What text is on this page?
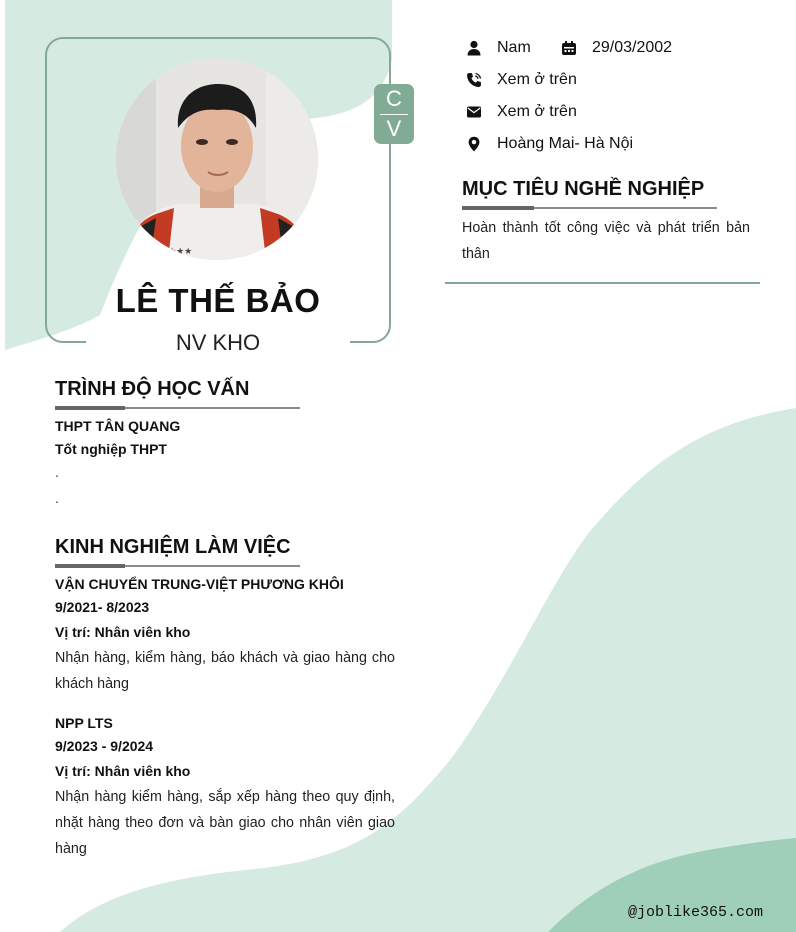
★★★
C
V
LÊ THẾ BẢO
NV KHO
Nam	29/03/2002
Xem ở trên
Xem ở trên
Hoàng Mai- Hà Nội
MỤC TIÊU NGHỀ NGHIỆP
Hoàn thành tốt công việc và phát triển bản thân
TRÌNH ĐỘ HỌC VẤN
THPT TÂN QUANG
Tốt nghiệp THPT
.
.
KINH NGHIỆM LÀM VIỆC
VẬN CHUYỂN TRUNG-VIỆT PHƯƠNG KHÔI
9/2021- 8/2023
Vị trí: Nhân viên kho
Nhận hàng, kiểm hàng, báo khách và giao hàng cho khách hàng
NPP LTS
9/2023 - 9/2024
Vị trí: Nhân viên kho
Nhận hàng kiểm hàng, sắp xếp hàng theo quy định, nhặt hàng theo đơn và bàn giao cho nhân viên giao hàng
@joblike365.com
